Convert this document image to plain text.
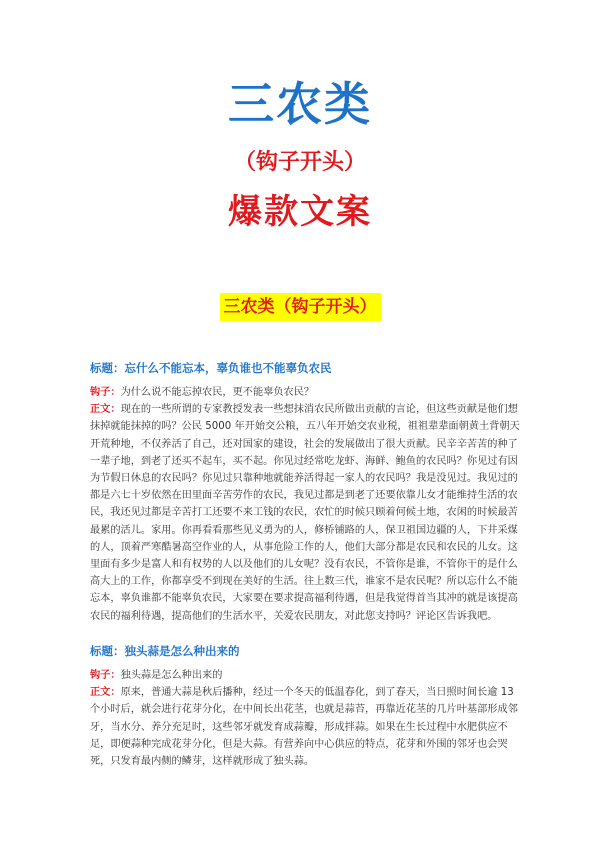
三农类
（钩子开头）
爆款文案
三农类（钩子开头）
标题：忘什么不能忘本，辜负谁也不能辜负农民

钩子：为什么说不能忘掉农民，更不能辜负农民？

正文：现在的一些所谓的专家教授发表一些想抹消农民所做出贡献的言论，但这些贡献是他们想抹掉就能抹掉的吗？公民 5000 年开始交公粮，五八年开始交农业税，祖祖辈辈面朝黄土背朝天开荒种地，不仅养活了自己，还对国家的建设，社会的发展做出了很大贡献。民辛辛苦苦的种了一辈子地，到老了还买不起车，买不起。你见过经常吃龙虾、海鲜、鲍鱼的农民吗？你见过有因为节假日休息的农民吗？你见过只靠种地就能养活得起一家人的农民吗？我是没见过。我见过的都是六七十岁依然在田里面辛苦劳作的农民，我见过都是到老了还要依靠儿女才能维持生活的农民，我还见过都是辛苦打工还要不来工钱的农民，农忙的时候只顾着何候土地，农闲的时候最苦最累的活儿。家用。你再看看那些见义勇为的人，修桥铺路的人，保卫祖国边疆的人，下井采煤的人，顶着严寒酷暑高空作业的人，从事危险工作的人，他们大部分都是农民和农民的儿女。这里面有多少是富人和有权势的人以及他们的儿女呢？没有农民，不管你是谁，不管你干的是什么高大上的工作，你都享受不到现在美好的生活。往上数三代，谁家不是农民呢？所以忘什么不能忘本，辜负谁都不能辜负农民，大家要在要求提高福利待遇，但是我觉得首当其冲的就是该提高农民的福利待遇，提高他们的生活水平，关爱农民朋友，对此您支持吗？评论区告诉我吧。

标题：独头蒜是怎么种出来的

钩子：独头蒜是怎么种出来的

正文：原来，普通大蒜是秋后播种，经过一个冬天的低温春化，到了春天，当日照时间长逾 13 个小时后，就会进行花芽分化，在中间长出花茎，也就是蒜苔，再靠近花茎的几片叶基部形成邻牙，当水分、养分充足时，这些邻牙就发育成蒜瓣，形成拌蒜。如果在生长过程中水肥供应不足，即便蒜种完成花芽分化，但是大蒜。有营养向中心供应的特点，花芽和外围的邻牙也会哭死，只发育最内侧的鳞芽，这样就形成了独头蒜。
